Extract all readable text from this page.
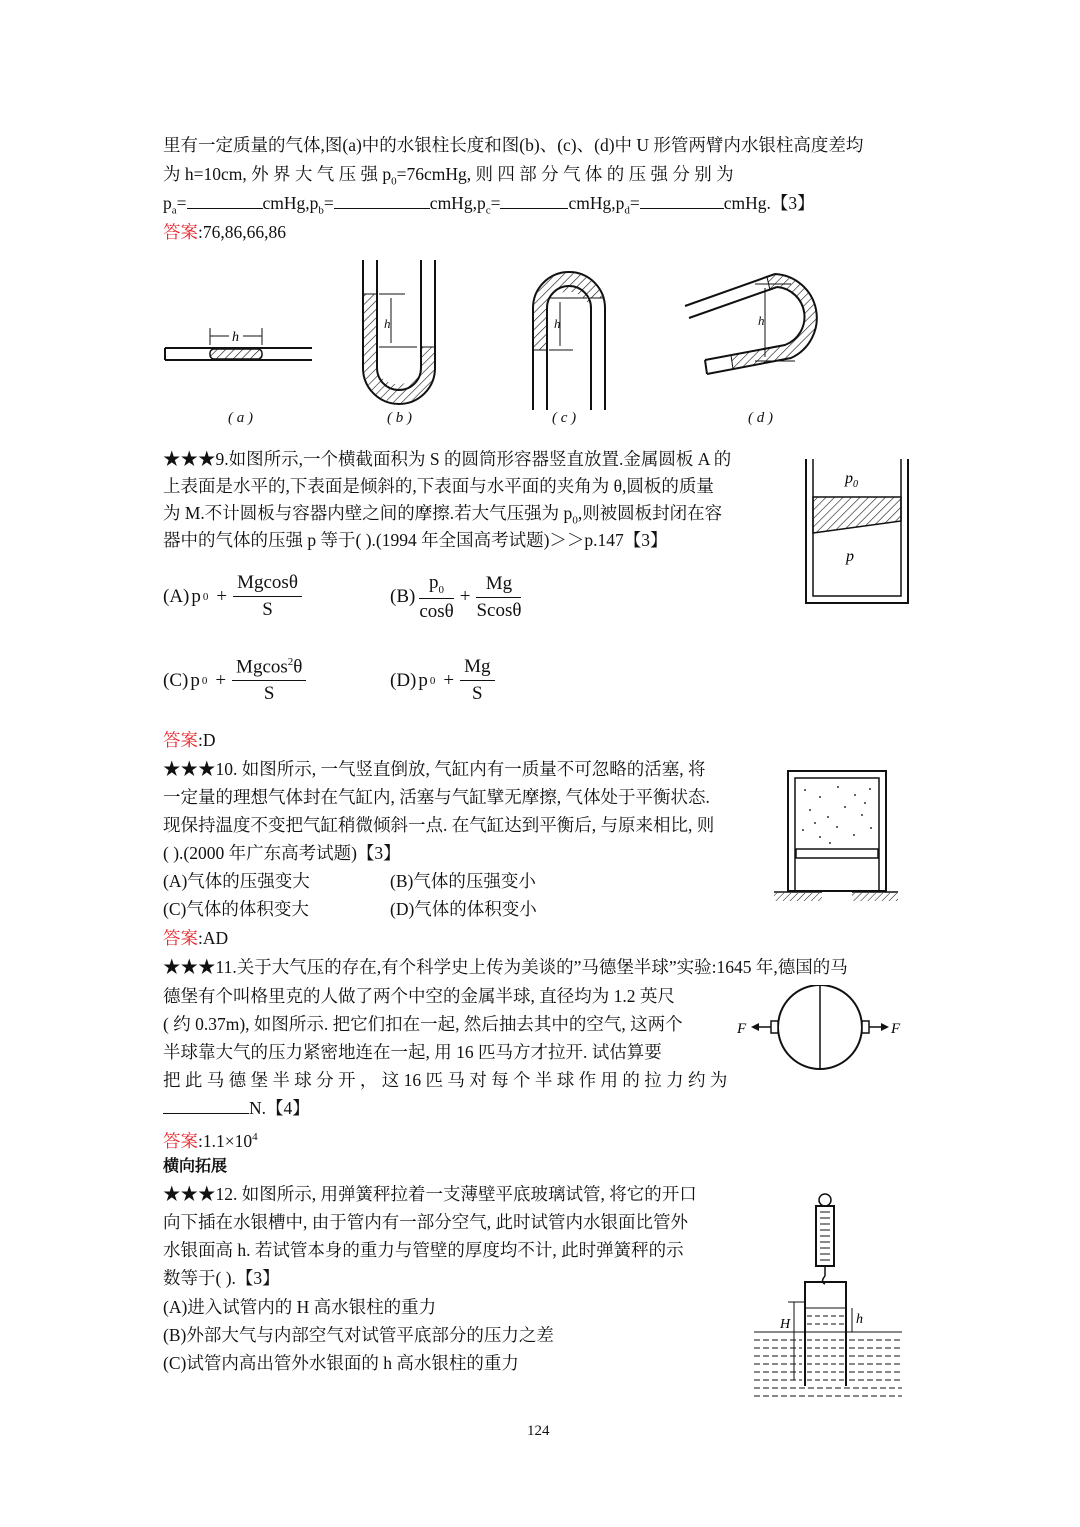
里有一定质量的气体,图(a)中的水银柱长度和图(b)、(c)、(d)中 U 形管两臂内水银柱高度差均
为 h=10cm, 外 界 大 气 压 强 $p_0=76cmHg$, 则 四 部 分 气 体 的 压 强 分 别 为
$p_a=$	$cmHg,p_b=$	$cmHg,p_c=$	$cmHg,p_d=$	cmHg.【3】
答案:76,86,66,86
h
h	h	h
( a )	( b )	( c )	( d )
★★★9.如图所示,一个横截面积为 S 的圆筒形容器竖直放置.金属圆板 A 的
上表面是水平的,下表面是倾斜的,下表面与水平面的夹角为 θ,圆板的质量
为 M.不计圆板与容器内壁之间的摩擦.若大气压强为 $p_0$,则被圆板封闭在容
器中的气体的压强 p 等于( ).(1994 年全国高考试题)＞＞p.147【3】
$p_0$
p
(A) p $0 + \frac{Mgcos\theta}{S}$	$(B) \frac{p_0}{\cos\theta} + \frac{Mg}{Scos\theta}$
(C) p $0 + \frac{Mgcos^2\theta}{S}$	(D) p $0 + \frac{Mg}{S}$
答案:D
★★★10. 如图所示, 一气竖直倒放, 气缸内有一质量不可忽略的活塞, 将
一定量的理想气体封在气缸内, 活塞与气缸擘无摩擦, 气体处于平衡状态.
现保持温度不变把气缸稍微倾斜一点. 在气缸达到平衡后, 与原来相比, 则
( ).(2000 年广东高考试题)【3】
(A)气体的压强变大	(B)气体的压强变小
(C)气体的体积变大	(D)气体的体积变小
答案:AD
★★★11.关于大气压的存在,有个科学史上传为美谈的”马德堡半球”实验:1645 年,德国的马
德堡有个叫格里克的人做了两个中空的金属半球, 直径均为 1.2 英尺
( 约 0.37m), 如图所示. 把它们扣在一起, 然后抽去其中的空气, 这两个
半球靠大气的压力紧密地连在一起, 用 16 匹马方才拉开. 试估算要
把 此 马 德 堡 半 球 分 开 ， 这 16 匹 马 对 每 个 半 球 作 用 的 拉 力 约 为
N.【4】
答案$:1.1\times 10^4$
F	F
横向拓展
★★★12. 如图所示, 用弹簧秤拉着一支薄壁平底玻璃试管, 将它的开口
向下插在水银槽中, 由于管内有一部分空气, 此时试管内水银面比管外
水银面高 h. 若试管本身的重力与管壁的厚度均不计, 此时弹簧秤的示
数等于( ).【3】
(A)进入试管内的 H 高水银柱的重力
(B)外部大气与内部空气对试管平底部分的压力之差
(C)试管内高出管外水银面的 h 高水银柱的重力
H	h
124
